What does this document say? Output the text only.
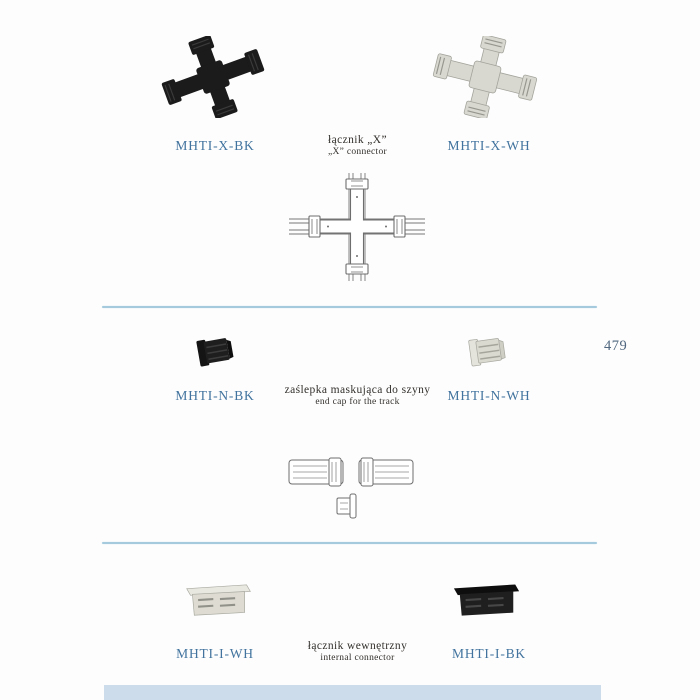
MHTI-X-BK	łącznik „X”
„X” connector	MHTI-X-WH
479
MHTI-N-BK	zaślepka maskująca do szyny
end cap for the track	MHTI-N-WH
MHTI-I-WH	łącznik wewnętrzny
internal connector	MHTI-I-BK
